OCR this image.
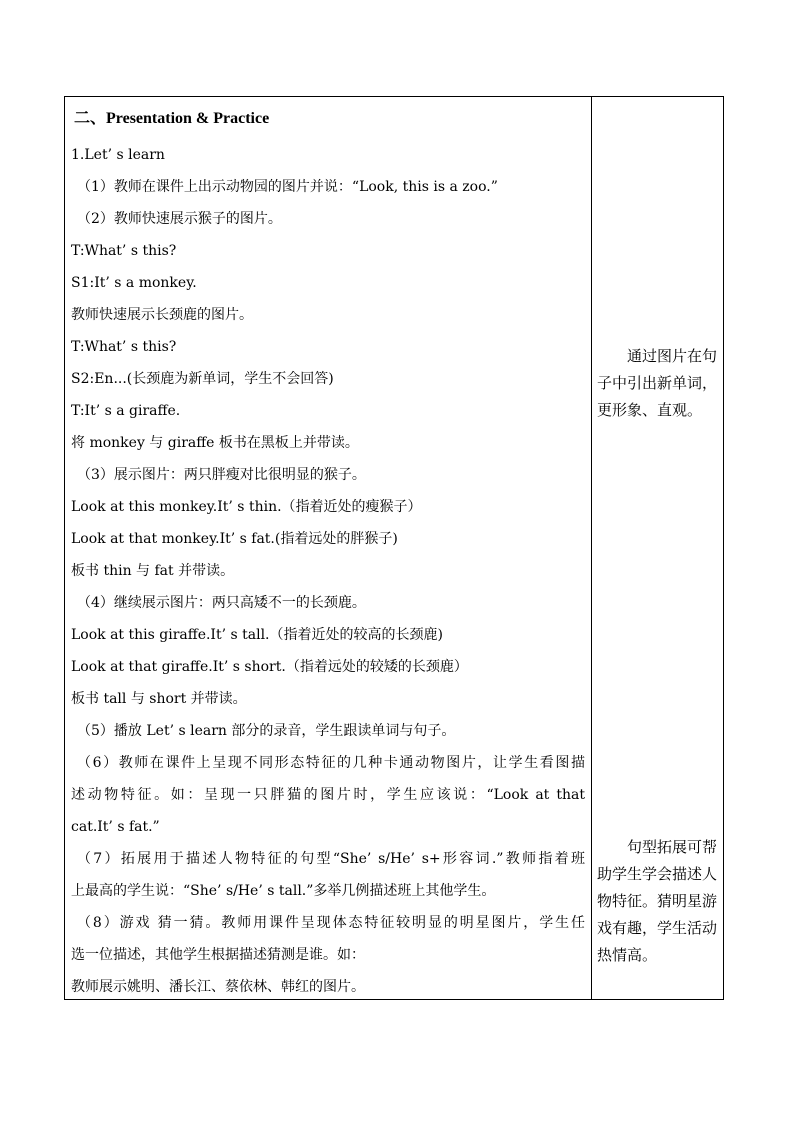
二、Presentation & Practice
1.Let’ s learn
（1）教师在课件上出示动物园的图片并说：“Look, this is a zoo.”
（2）教师快速展示猴子的图片。
T:What’ s this?
S1:It’ s a monkey.
教师快速展示长颈鹿的图片。
T:What’ s this?
S2:En...(长颈鹿为新单词，学生不会回答)
T:It’ s a giraffe.
将 monkey 与 giraffe 板书在黑板上并带读。
（3）展示图片：两只胖瘦对比很明显的猴子。
Look at this monkey.It’ s thin.（指着近处的瘦猴子）
Look at that monkey.It’ s fat.(指着远处的胖猴子)
板书 thin 与 fat 并带读。
（4）继续展示图片：两只高矮不一的长颈鹿。
Look at this giraffe.It’ s tall.（指着近处的较高的长颈鹿)
Look at that giraffe.It’ s short.（指着远处的较矮的长颈鹿）
板书 tall 与 short 并带读。
（5）播放 Let’ s learn 部分的录音，学生跟读单词与句子。
（6）教师在课件上呈现不同形态特征的几种卡通动物图片，让学生看图描
述动物特征。如：呈现一只胖猫的图片时，学生应该说：“Look at that
cat.It’ s fat.”
（7）拓展用于描述人物特征的句型“She’ s/He’ s+形容词.”教师指着班
上最高的学生说：“She’ s/He’ s tall.”多举几例描述班上其他学生。
（8）游戏 猜一猜。教师用课件呈现体态特征较明显的明星图片，学生任
选一位描述，其他学生根据描述猜测是谁。如：
教师展示姚明、潘长江、蔡依林、韩红的图片。

通过图片在句子中引出新单词，更形象、直观。

句型拓展可帮助学生学会描述人物特征。猜明星游戏有趣，学生活动热情高。
